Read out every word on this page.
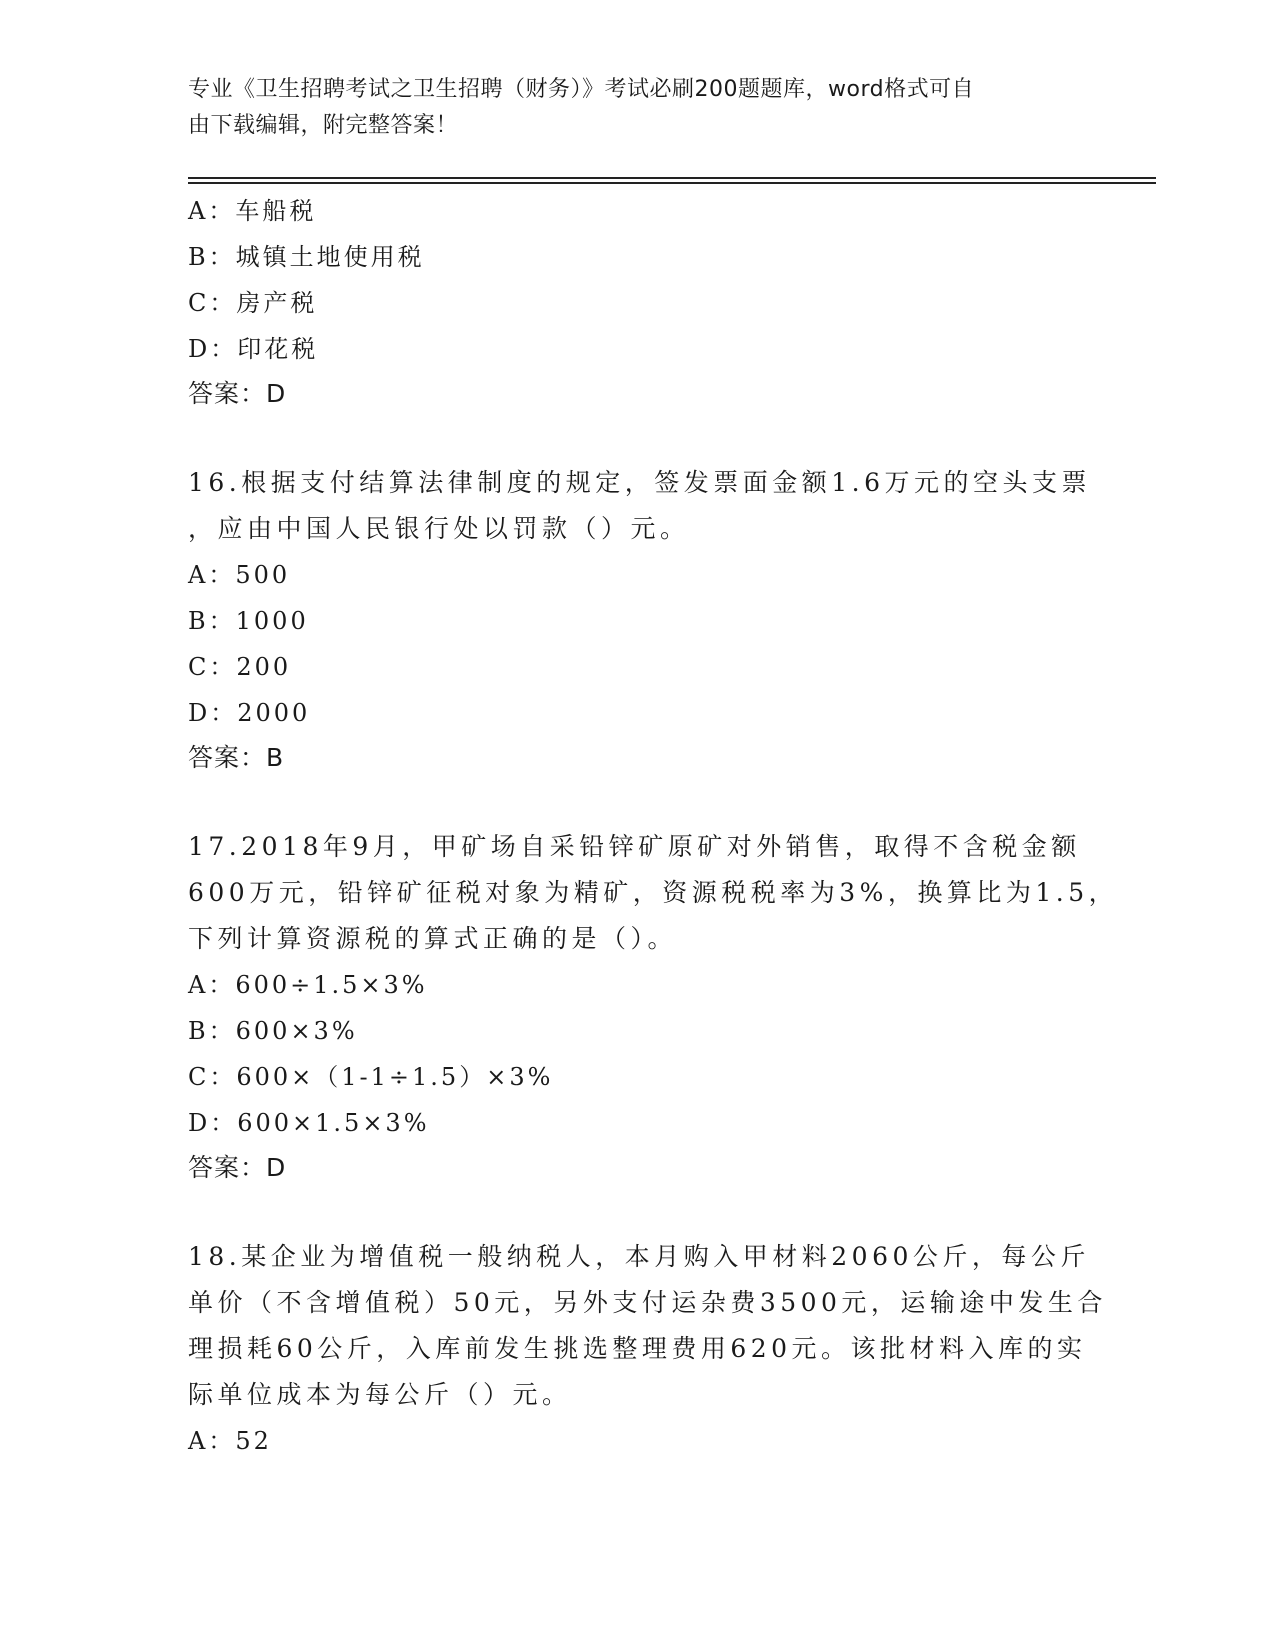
专业《卫生招聘考试之卫生招聘（财务）》考试必刷200题题库，word格式可自
由下载编辑，附完整答案！
A：车船税
B：城镇土地使用税
C：房产税
D：印花税
答案：D
16.根据支付结算法律制度的规定，签发票面金额1.6万元的空头支票
，应由中国人民银行处以罚款（）元。
A：500
B：1000
C：200
D：2000
答案：B
17.2018年9月，甲矿场自采铅锌矿原矿对外销售，取得不含税金额
600万元，铅锌矿征税对象为精矿，资源税税率为3%，换算比为1.5，
下列计算资源税的算式正确的是（）。
A：600÷1.5×3%
B：600×3%
C：600×（1-1÷1.5）×3%
D：600×1.5×3%
答案：D
18.某企业为增值税一般纳税人，本月购入甲材料2060公斤，每公斤
单价（不含增值税）50元，另外支付运杂费3500元，运输途中发生合
理损耗60公斤，入库前发生挑选整理费用620元。该批材料入库的实
际单位成本为每公斤（）元。
A：52
